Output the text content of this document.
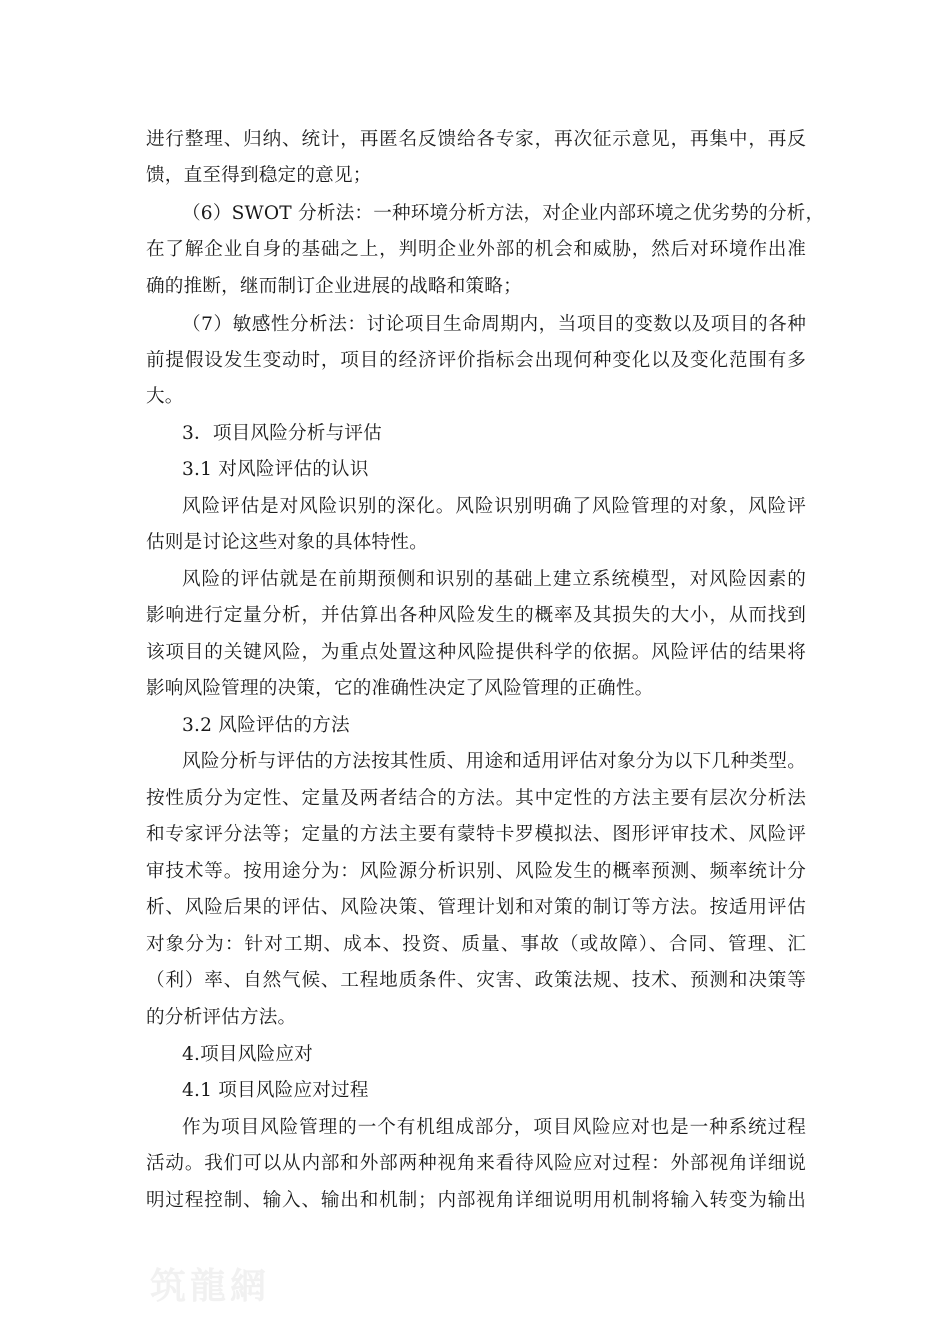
进行整理、归纳、统计，再匿名反馈给各专家，再次征示意见，再集中，再反
馈，直至得到稳定的意见；
（6）SWOT 分析法：一种环境分析方法，对企业内部环境之优劣势的分析，
在了解企业自身的基础之上，判明企业外部的机会和威胁，然后对环境作出准
确的推断，继而制订企业进展的战略和策略；
（7）敏感性分析法：讨论项目生命周期内，当项目的变数以及项目的各种
前提假设发生变动时，项目的经济评价指标会出现何种变化以及变化范围有多
大。
3．项目风险分析与评估
3.1 对风险评估的认识
风险评估是对风险识别的深化。风险识别明确了风险管理的对象，风险评
估则是讨论这些对象的具体特性。
风险的评估就是在前期预侧和识别的基础上建立系统模型，对风险因素的
影响进行定量分析，并估算出各种风险发生的概率及其损失的大小，从而找到
该项目的关键风险，为重点处置这种风险提供科学的依据。风险评估的结果将
影响风险管理的决策，它的准确性决定了风险管理的正确性。
3.2 风险评估的方法
风险分析与评估的方法按其性质、用途和适用评估对象分为以下几种类型。
按性质分为定性、定量及两者结合的方法。其中定性的方法主要有层次分析法
和专家评分法等；定量的方法主要有蒙特卡罗模拟法、图形评审技术、风险评
审技术等。按用途分为：风险源分析识别、风险发生的概率预测、频率统计分
析、风险后果的评估、风险决策、管理计划和对策的制订等方法。按适用评估
对象分为：针对工期、成本、投资、质量、事故（或故障）、合同、管理、汇
（利）率、自然气候、工程地质条件、灾害、政策法规、技术、预测和决策等
的分析评估方法。
4.项目风险应对
4.1 项目风险应对过程
作为项目风险管理的一个有机组成部分，项目风险应对也是一种系统过程
活动。我们可以从内部和外部两种视角来看待风险应对过程：外部视角详细说
明过程控制、输入、输出和机制；内部视角详细说明用机制将输入转变为输出
筑龍網
